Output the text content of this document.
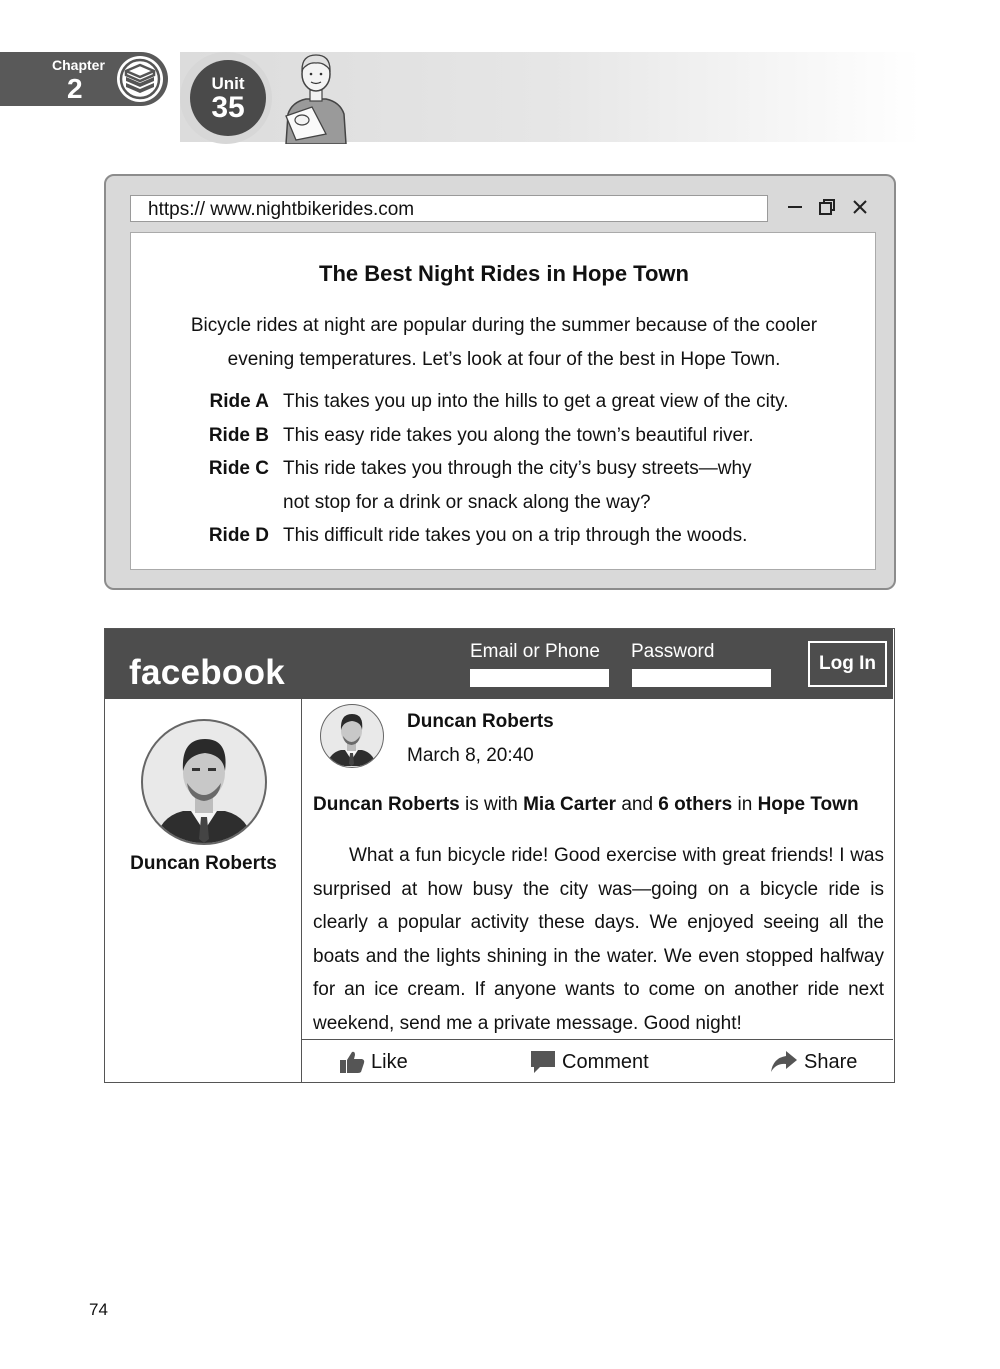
Chapter
2	Unit
35
https:// www.nightbikerides.com
The Best Night Rides in Hope Town
Bicycle rides at night are popular during the summer because of the cooler
evening temperatures. Let’s look at four of the best in Hope Town.
Ride A This takes you up into the hills to get a great view of the city.
Ride B This easy ride takes you along the town’s beautiful river.
Ride C This ride takes you through the city’s busy streets—why
not stop for a drink or snack along the way?
Ride D This difficult ride takes you on a trip through the woods.
facebook
Email or Phone Password
Log In
Duncan Roberts
Duncan Roberts
March 8, 20:40
Duncan Roberts is with Mia Carter and 6 others in Hope Town
What a fun bicycle ride! Good exercise with great friends! I was surprised at how busy the city was—going on a bicycle ride is clearly a popular activity these days. We enjoyed seeing all the boats and the lights shining in the water. We even stopped halfway for an ice cream. If anyone wants to come on another ride next weekend, send me a private message. Good night!
Like	Comment	Share
74
